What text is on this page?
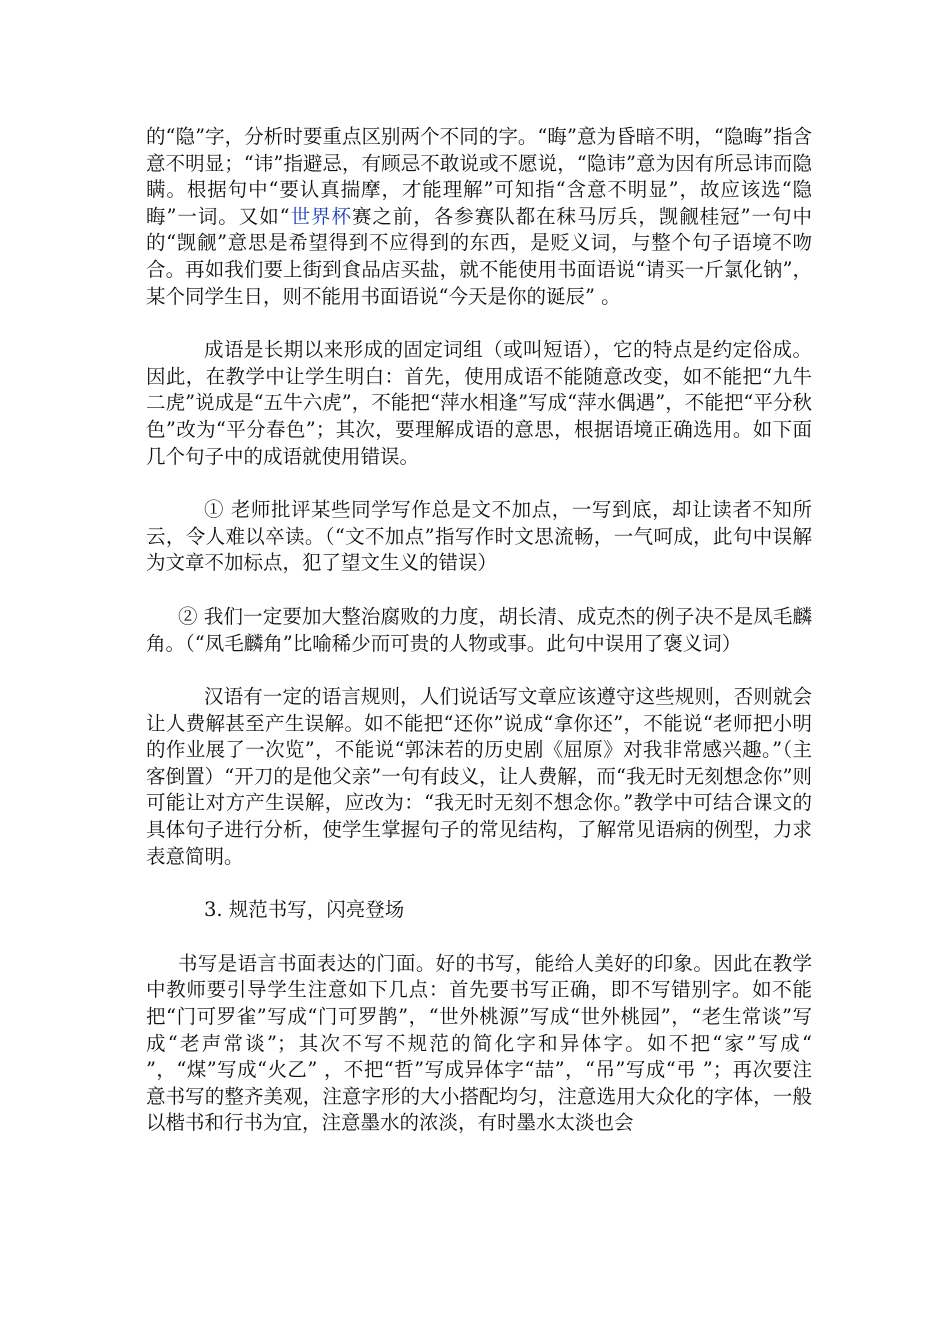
的“隐”字，分析时要重点区别两个不同的字。“晦”意为昏暗不明，“隐晦”指含意不明显；“讳”指避忌，有顾忌不敢说或不愿说，“隐讳”意为因有所忌讳而隐瞒。根据句中“要认真揣摩，才能理解”可知指“含意不明显”，故应该选“隐晦”一词。又如“世界杯赛之前，各参赛队都在秣马厉兵，觊觎桂冠”一句中的“觊觎”意思是希望得到不应得到的东西，是贬义词，与整个句子语境不吻合。再如我们要上街到食品店买盐，就不能使用书面语说“请买一斤氯化钠”，某个同学生日，则不能用书面语说“今天是你的诞辰” 。

成语是长期以来形成的固定词组（或叫短语），它的特点是约定俗成。因此，在教学中让学生明白：首先，使用成语不能随意改变，如不能把“九牛二虎”说成是“五牛六虎”，不能把“萍水相逢”写成“萍水偶遇”，不能把“平分秋色”改为“平分春色”；其次，要理解成语的意思，根据语境正确选用。如下面几个句子中的成语就使用错误。

① 老师批评某些同学写作总是文不加点，一写到底，却让读者不知所云，令人难以卒读。（“文不加点”指写作时文思流畅，一气呵成，此句中误解为文章不加标点，犯了望文生义的错误）

② 我们一定要加大整治腐败的力度，胡长清、成克杰的例子决不是凤毛麟角。（“凤毛麟角”比喻稀少而可贵的人物或事。此句中误用了褒义词）

汉语有一定的语言规则，人们说话写文章应该遵守这些规则，否则就会让人费解甚至产生误解。如不能把“还你”说成“拿你还”，不能说“老师把小明的作业展了一次览”，不能说“郭沫若的历史剧《屈原》对我非常感兴趣。”（主客倒置）“开刀的是他父亲”一句有歧义，让人费解，而“我无时无刻想念你”则可能让对方产生误解，应改为：“我无时无刻不想念你。”教学中可结合课文的具体句子进行分析，使学生掌握句子的常见结构，了解常见语病的例型，力求表意简明。

3. 规范书写，闪亮登场

书写是语言书面表达的门面。好的书写，能给人美好的印象。因此在教学中教师要引导学生注意如下几点：首先要书写正确，即不写错别字。如不能把“门可罗雀”写成“门可罗鹊”，“世外桃源”写成“世外桃园”，“老生常谈”写成“老声常谈”；其次不写不规范的简化字和异体字。如不把“家”写成“ ”，“煤”写成“火乙” ，不把“哲”写成异体字“喆”，“吊”写成“弔 ”；再次要注意书写的整齐美观，注意字形的大小搭配均匀，注意选用大众化的字体，一般以楷书和行书为宜，注意墨水的浓淡，有时墨水太淡也会
